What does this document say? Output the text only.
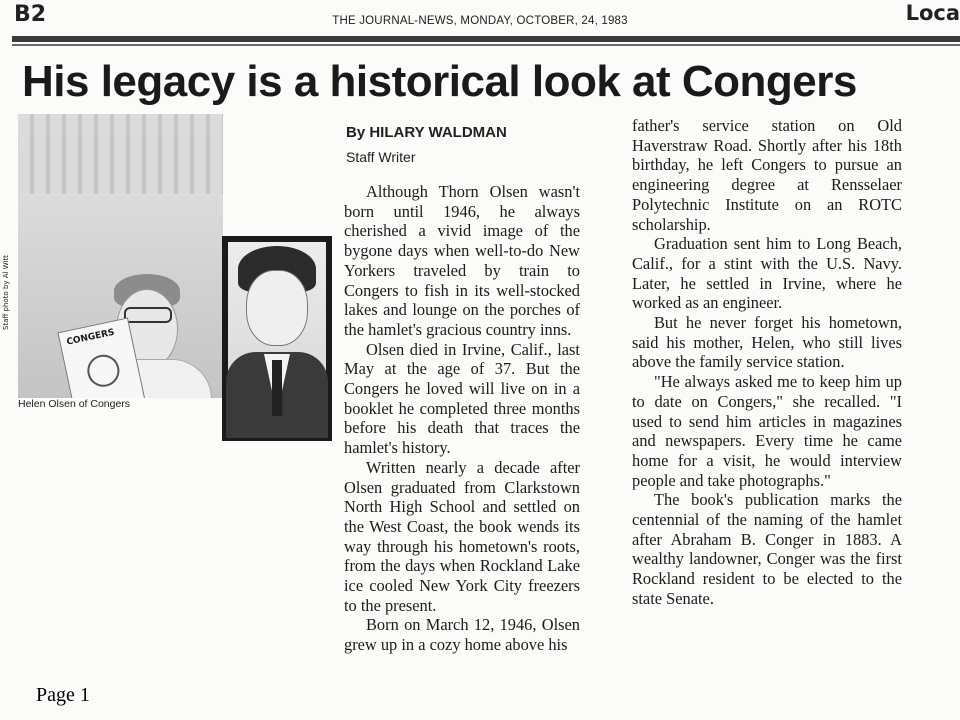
B2	THE JOURNAL-NEWS, MONDAY, OCTOBER, 24, 1983	Loca
His legacy is a historical look at Congers
CONGERS
Staff photo by Al Witt
Helen Olsen of Congers
By HILARY WALDMAN
Staff Writer

Although Thorn Olsen wasn't born until 1946, he always cherished a vivid image of the bygone days when well-to-do New Yorkers traveled by train to Congers to fish in its well-stocked lakes and lounge on the porches of the hamlet's gracious country inns.

Olsen died in Irvine, Calif., last May at the age of 37. But the Congers he loved will live on in a booklet he completed three months before his death that traces the hamlet's history.

Written nearly a decade after Olsen graduated from Clarkstown North High School and settled on the West Coast, the book wends its way through his hometown's roots, from the days when Rockland Lake ice cooled New York City freezers to the present.

Born on March 12, 1946, Olsen grew up in a cozy home above his

father's service station on Old Haverstraw Road. Shortly after his 18th birthday, he left Congers to pursue an engineering degree at Rensselaer Polytechnic Institute on an ROTC scholarship.

Graduation sent him to Long Beach, Calif., for a stint with the U.S. Navy. Later, he settled in Irvine, where he worked as an engineer.

But he never forget his hometown, said his mother, Helen, who still lives above the family service station.

"He always asked me to keep him up to date on Congers," she recalled. "I used to send him articles in magazines and newspapers. Every time he came home for a visit, he would interview people and take photographs."

The book's publication marks the centennial of the naming of the hamlet after Abraham B. Conger in 1883. A wealthy landowner, Conger was the first Rockland resident to be elected to the state Senate.

Page 1
